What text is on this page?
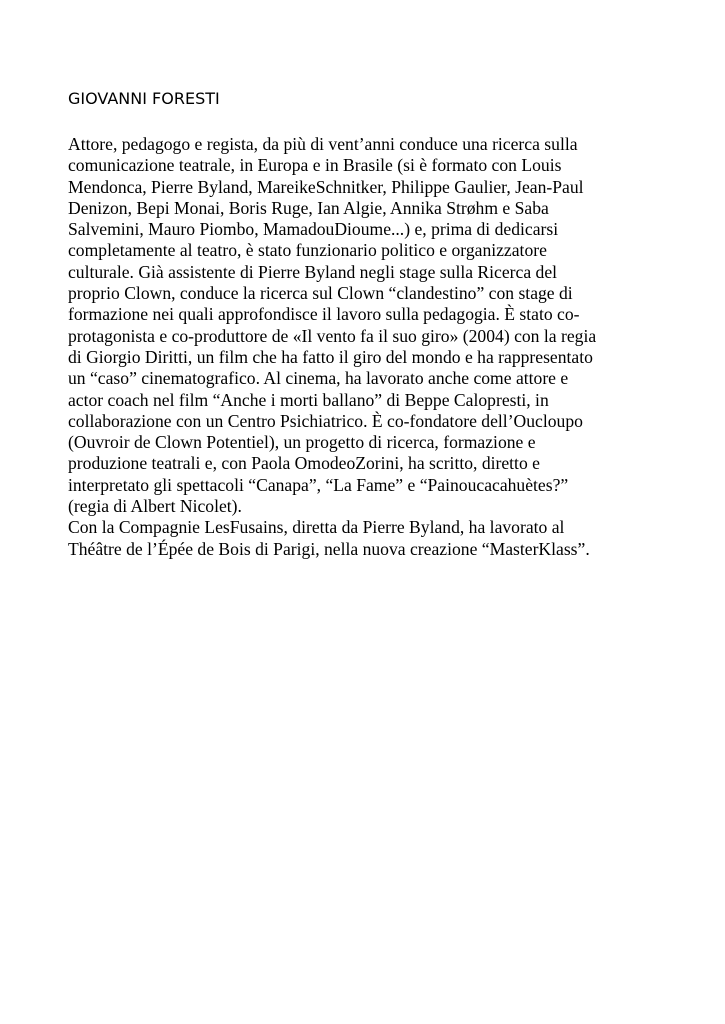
GIOVANNI FORESTI
Attore, pedagogo e regista, da più di vent’anni conduce una ricerca sulla
comunicazione teatrale, in Europa e in Brasile (si è formato con Louis
Mendonca, Pierre Byland, MareikeSchnitker, Philippe Gaulier, Jean-Paul
Denizon, Bepi Monai, Boris Ruge, Ian Algie, Annika Strøhm e Saba
Salvemini, Mauro Piombo, MamadouDioume...) e, prima di dedicarsi
completamente al teatro, è stato funzionario politico e organizzatore
culturale. Già assistente di Pierre Byland negli stage sulla Ricerca del
proprio Clown, conduce la ricerca sul Clown “clandestino” con stage di
formazione nei quali approfondisce il lavoro sulla pedagogia. È stato co-
protagonista e co-produttore de «Il vento fa il suo giro» (2004) con la regia
di Giorgio Diritti, un film che ha fatto il giro del mondo e ha rappresentato
un “caso” cinematografico. Al cinema, ha lavorato anche come attore e
actor coach nel film “Anche i morti ballano” di Beppe Calopresti, in
collaborazione con un Centro Psichiatrico. È co-fondatore dell’Oucloupo
(Ouvroir de Clown Potentiel), un progetto di ricerca, formazione e
produzione teatrali e, con Paola OmodeoZorini, ha scritto, diretto e
interpretato gli spettacoli “Canapa”, “La Fame” e “Painoucacahuètes?”
(regia di Albert Nicolet).
Con la Compagnie LesFusains, diretta da Pierre Byland, ha lavorato al
Théâtre de l’Épée de Bois di Parigi, nella nuova creazione “MasterKlass”.
